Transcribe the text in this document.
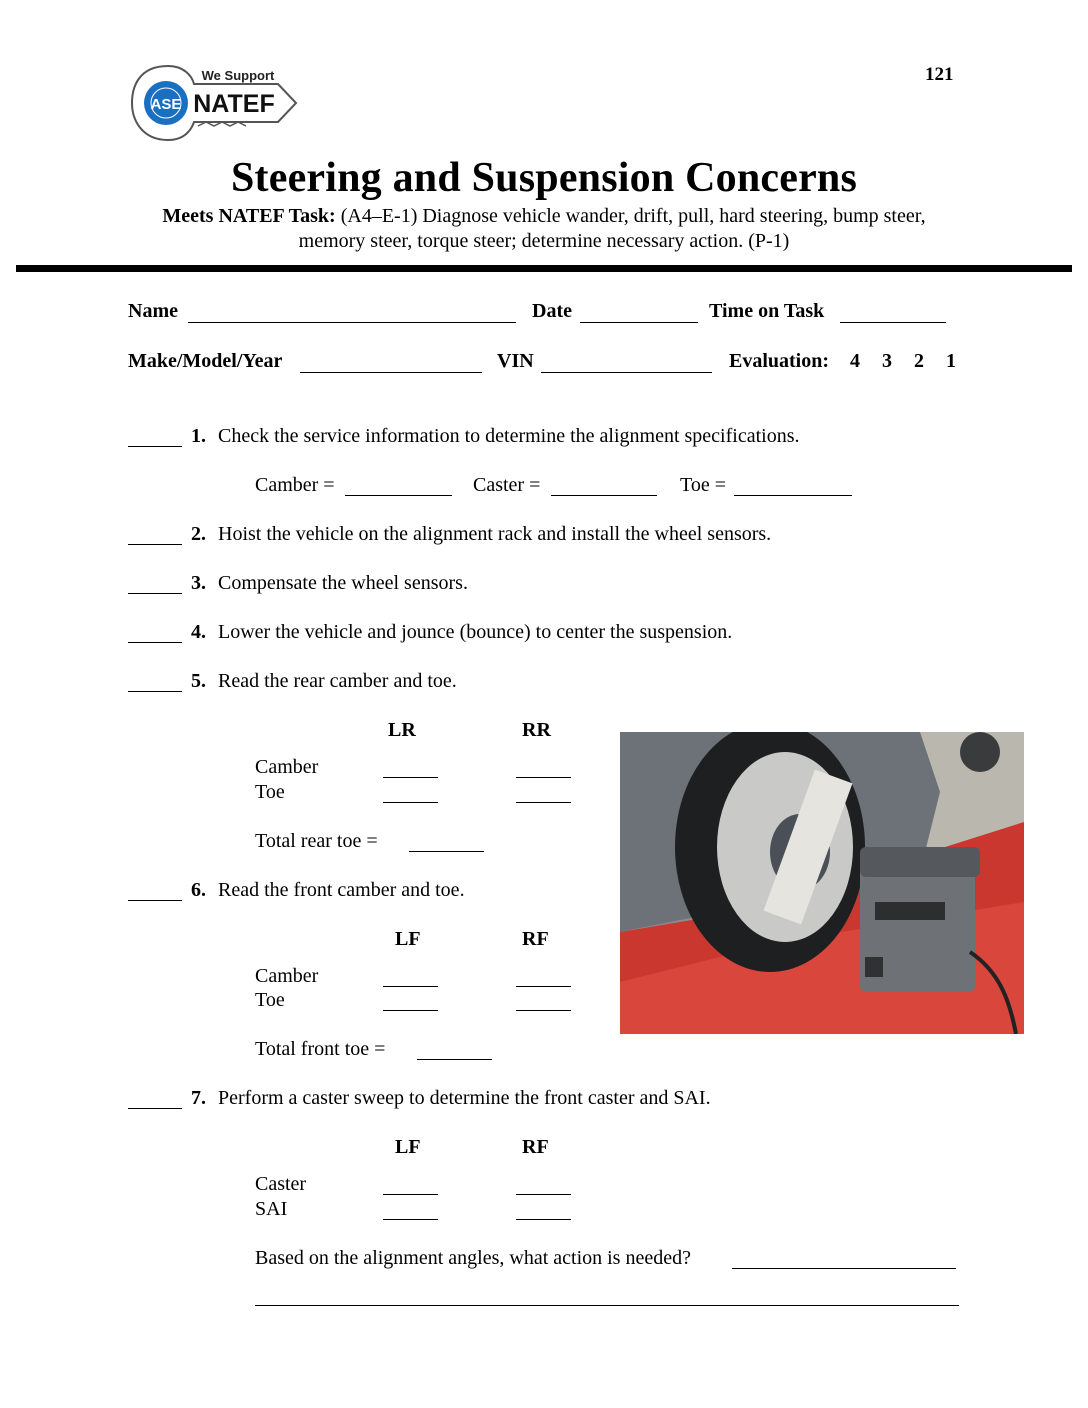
ASE
We Support
NATEF
121
Steering and Suspension Concerns
Meets NATEF Task: (A4–E-1) Diagnose vehicle wander, drift, pull, hard steering, bump steer,
memory steer, torque steer; determine necessary action. (P-1)
Name	Date	Time on Task
Make/Model/Year	VIN	Evaluation: 4 3 2 1
1. Check the service information to determine the alignment specifications.
Camber =	Caster =	Toe =
2. Hoist the vehicle on the alignment rack and install the wheel sensors.
3. Compensate the wheel sensors.
4. Lower the vehicle and jounce (bounce) to center the suspension.
5. Read the rear camber and toe.
LR	RR
Camber
Toe
Total rear toe =
6. Read the front camber and toe.
LF	RF
Camber
Toe
Total front toe =
7. Perform a caster sweep to determine the front caster and SAI.
LF	RF
Caster
SAI
Based on the alignment angles, what action is needed?
